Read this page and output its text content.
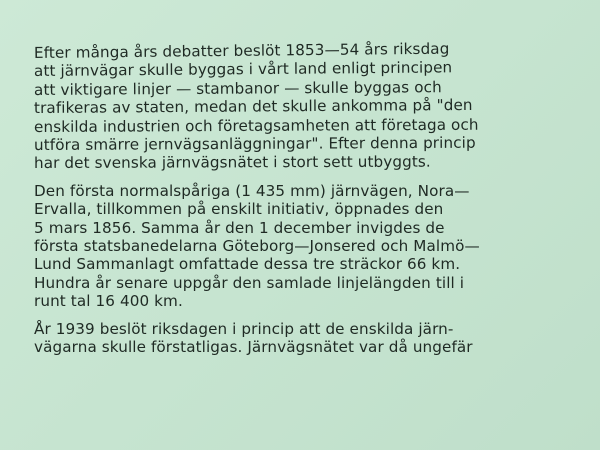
Efter många års debatter beslöt 1853—54 års riksdag
att järnvägar skulle byggas i vårt land enligt principen
att viktigare linjer — stambanor — skulle byggas och
trafikeras av staten, medan det skulle ankomma på "den
enskilda industrien och företagsamheten att företaga och
utföra smärre jernvägsanläggningar". Efter denna princip
har det svenska järnvägsnätet i stort sett utbyggts.

Den första normalspåriga (1 435 mm) järnvägen, Nora—
Ervalla, tillkommen på enskilt initiativ, öppnades den
5 mars 1856. Samma år den 1 december invigdes de
första statsbanedelarna Göteborg—Jonsered och Malmö—
Lund Sammanlagt omfattade dessa tre sträckor 66 km.
Hundra år senare uppgår den samlade linjelängden till i
runt tal 16 400 km.

År 1939 beslöt riksdagen i princip att de enskilda järn-
vägarna skulle förstatligas. Järnvägsnätet var då ungefär
